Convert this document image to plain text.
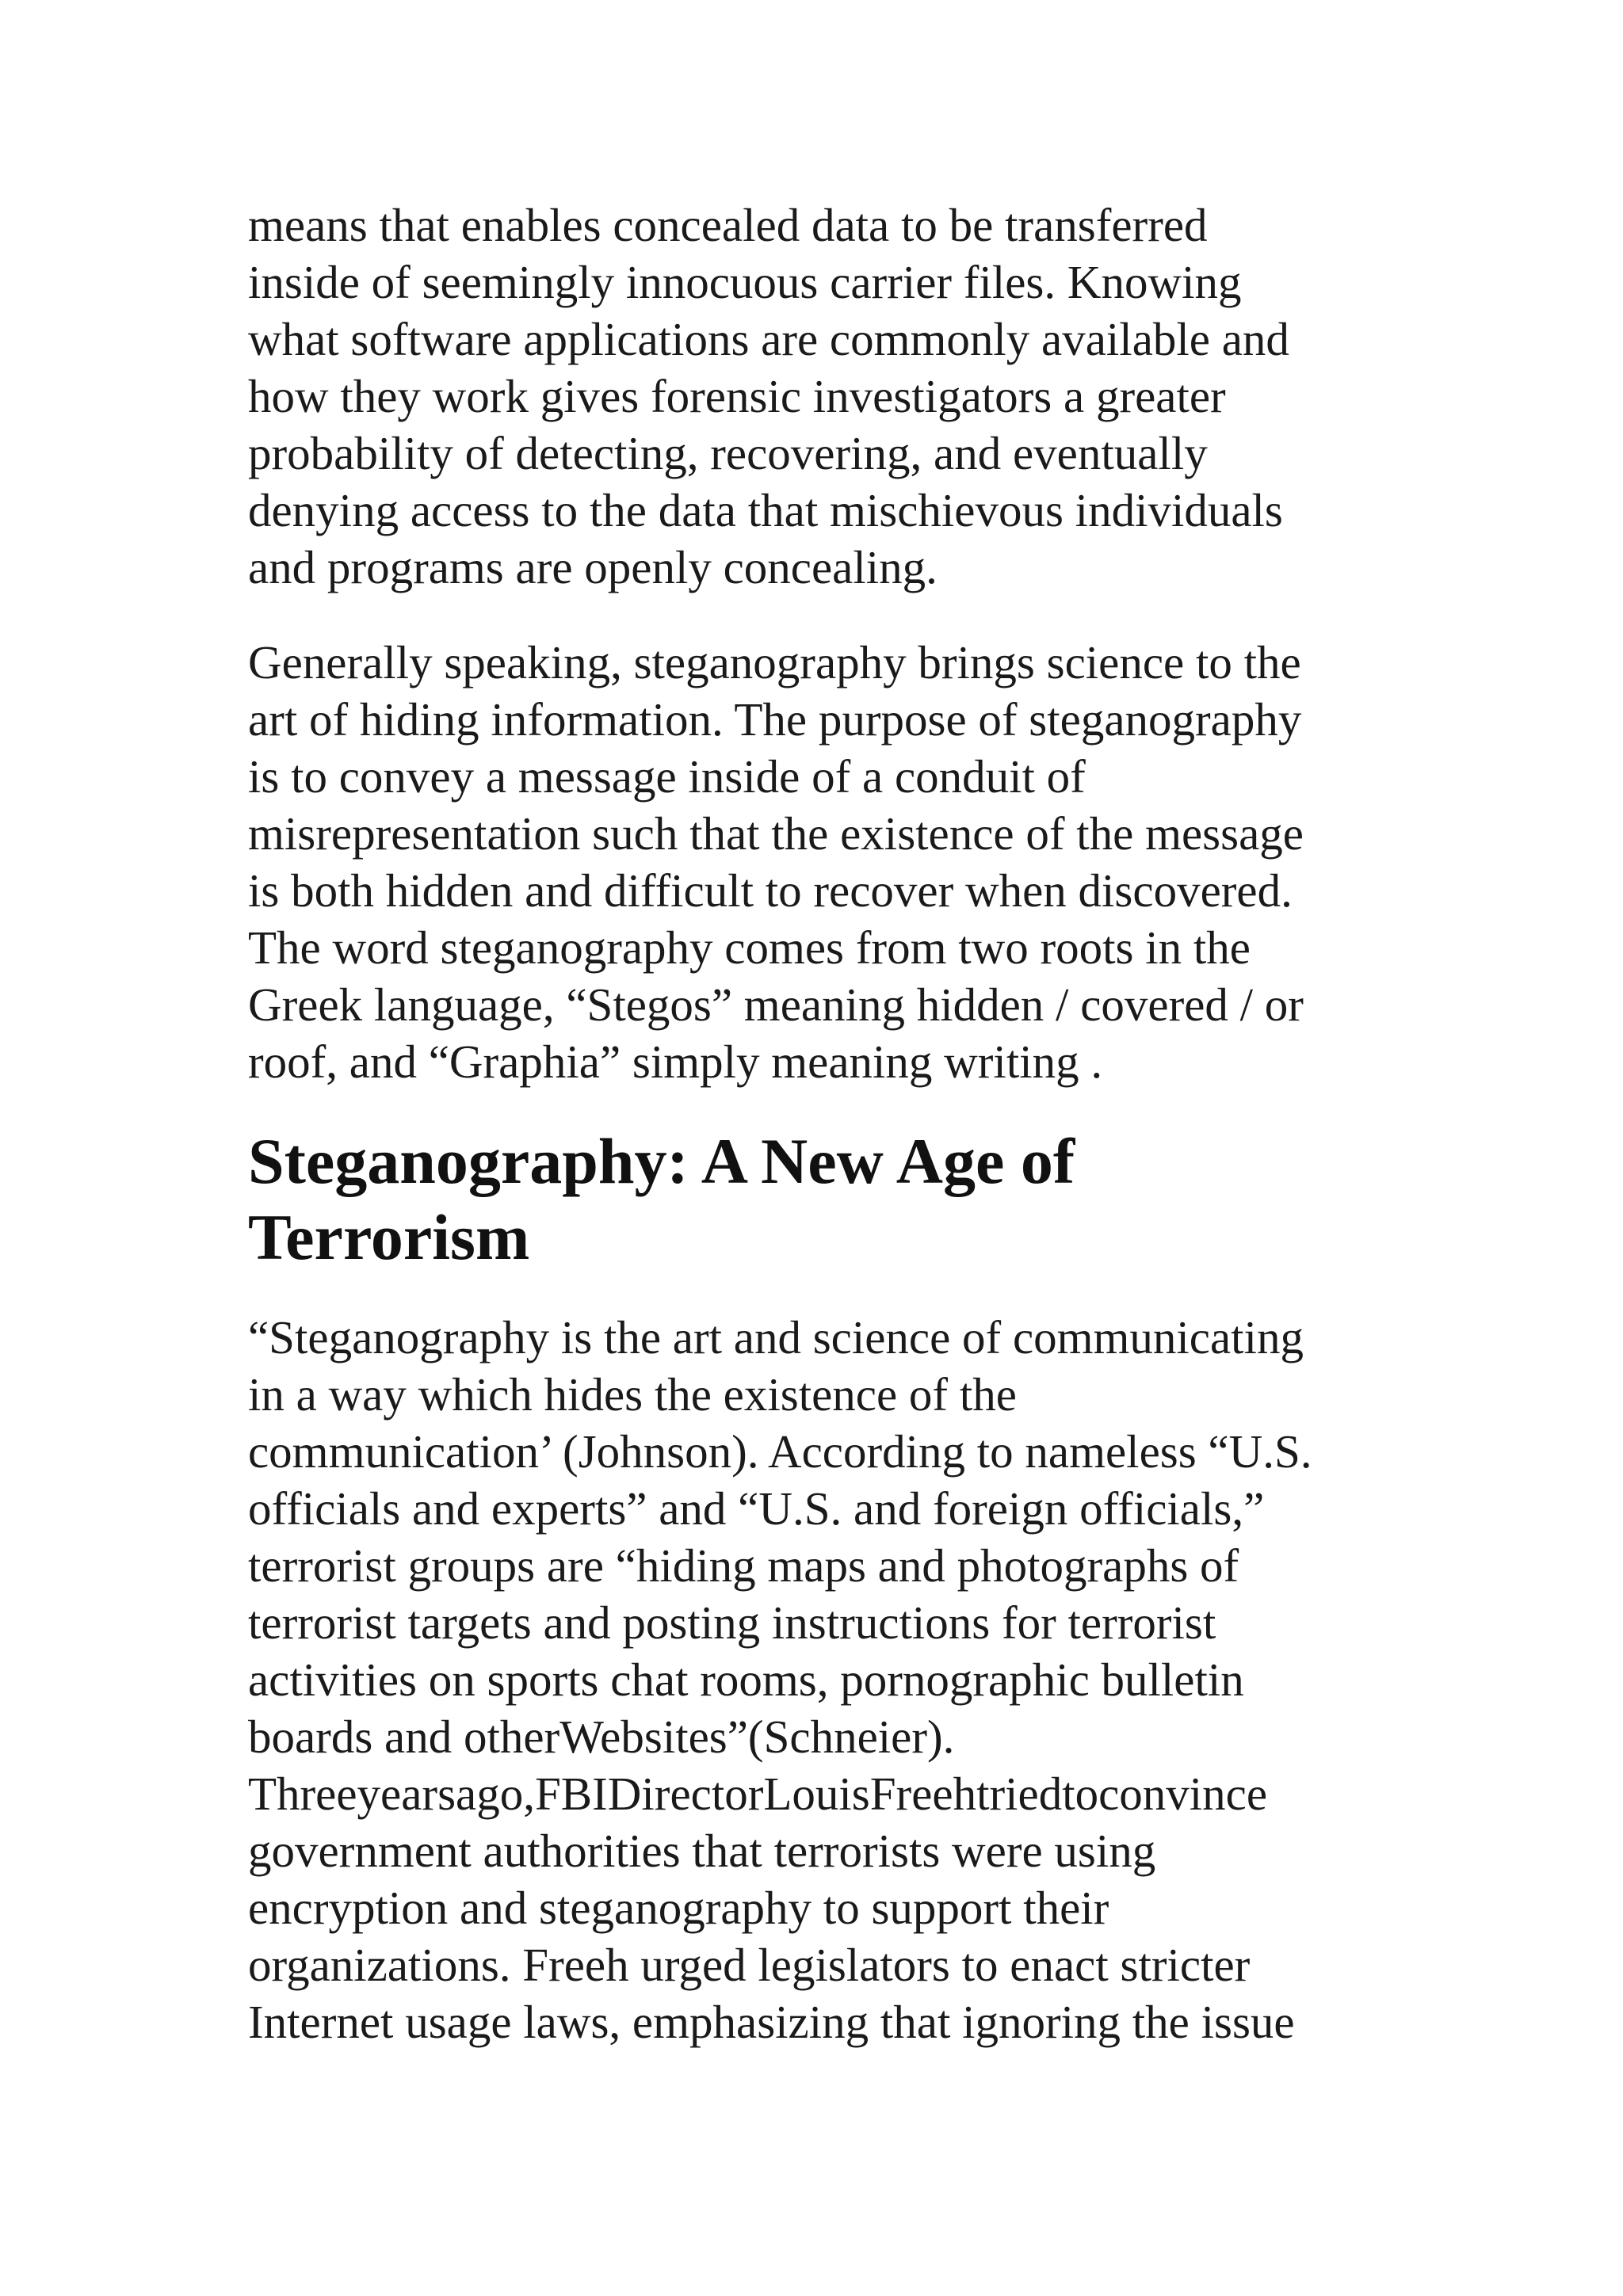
means that enables concealed data to be transferred
inside of seemingly innocuous carrier files. Knowing
what software applications are commonly available and
how they work gives forensic investigators a greater
probability of detecting, recovering, and eventually
denying access to the data that mischievous individuals
and programs are openly concealing.
Generally speaking, steganography brings science to the
art of hiding information. The purpose of steganography
is to convey a message inside of a conduit of
misrepresentation such that the existence of the message
is both hidden and difficult to recover when discovered.
The word steganography comes from two roots in the
Greek language, “Stegos” meaning hidden / covered / or
roof, and “Graphia” simply meaning writing .
Steganography: A New Age of
Terrorism
“Steganography is the art and science of communicating
in a way which hides the existence of the
communication’ (Johnson). According to nameless “U.S.
officials and experts” and “U.S. and foreign officials,”
terrorist groups are “hiding maps and photographs of
terrorist targets and posting instructions for terrorist
activities on sports chat rooms, pornographic bulletin
boards and otherWebsites”(Schneier).
Threeyearsago,FBIDirectorLouisFreehtriedtoconvince
government authorities that terrorists were using
encryption and steganography to support their
organizations. Freeh urged legislators to enact stricter
Internet usage laws, emphasizing that ignoring the issue
